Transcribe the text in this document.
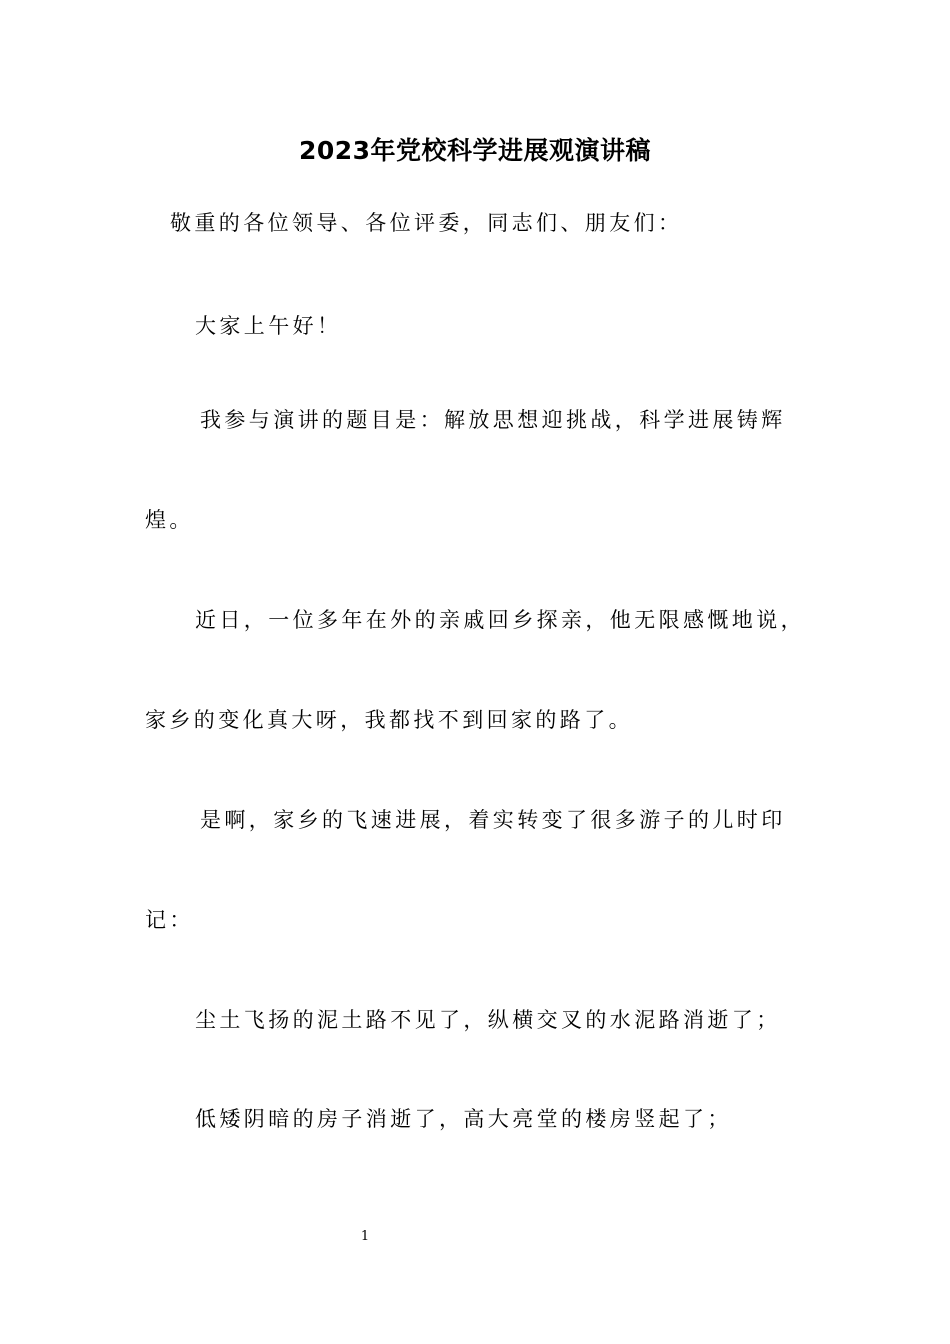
2023年党校科学进展观演讲稿
敬重的各位领导、各位评委，同志们、朋友们：
大家上午好！
我参与演讲的题目是：解放思想迎挑战，科学进展铸辉
煌。
近日，一位多年在外的亲戚回乡探亲，他无限感慨地说，
家乡的变化真大呀，我都找不到回家的路了。
是啊，家乡的飞速进展，着实转变了很多游子的儿时印
记：
尘土飞扬的泥土路不见了，纵横交叉的水泥路消逝了；
低矮阴暗的房子消逝了，高大亮堂的楼房竖起了；
1
